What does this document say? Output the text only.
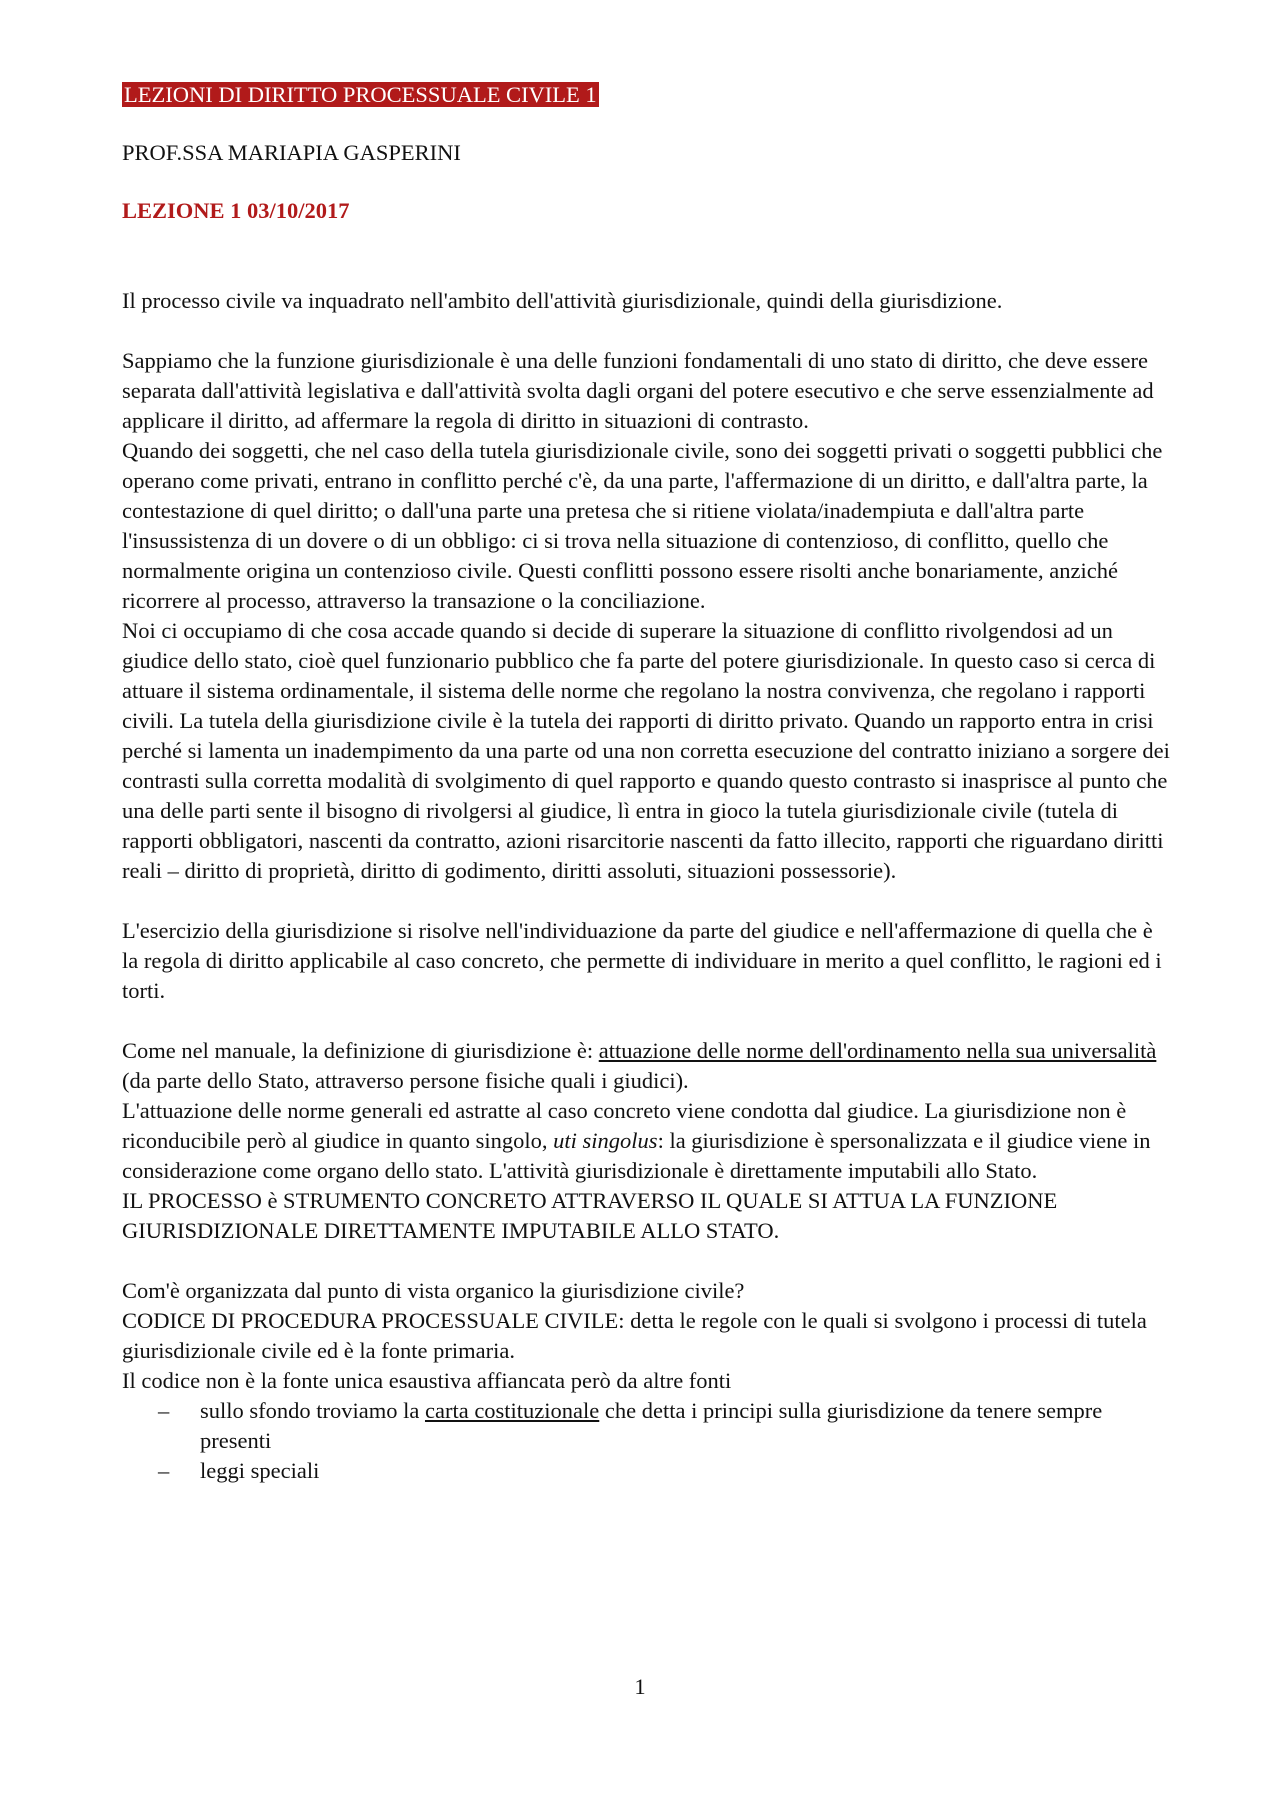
LEZIONI DI DIRITTO PROCESSUALE CIVILE 1

PROF.SSA MARIAPIA GASPERINI

LEZIONE 1 03/10/2017

Il processo civile va inquadrato nell'ambito dell'attività giurisdizionale, quindi della giurisdizione.

Sappiamo che la funzione giurisdizionale è una delle funzioni fondamentali di uno stato di diritto, che deve essere separata dall'attività legislativa e dall'attività svolta dagli organi del potere esecutivo e che serve essenzialmente ad applicare il diritto, ad affermare la regola di diritto in situazioni di contrasto.

Quando dei soggetti, che nel caso della tutela giurisdizionale civile, sono dei soggetti privati o soggetti pubblici che operano come privati, entrano in conflitto perché c'è, da una parte, l'affermazione di un diritto, e dall'altra parte, la contestazione di quel diritto; o dall'una parte una pretesa che si ritiene violata/inadempiuta e dall'altra parte l'insussistenza di un dovere o di un obbligo: ci si trova nella situazione di contenzioso, di conflitto, quello che normalmente origina un contenzioso civile. Questi conflitti possono essere risolti anche bonariamente, anziché ricorrere al processo, attraverso la transazione o la conciliazione.

Noi ci occupiamo di che cosa accade quando si decide di superare la situazione di conflitto rivolgendosi ad un giudice dello stato, cioè quel funzionario pubblico che fa parte del potere giurisdizionale. In questo caso si cerca di attuare il sistema ordinamentale, il sistema delle norme che regolano la nostra convivenza, che regolano i rapporti civili. La tutela della giurisdizione civile è la tutela dei rapporti di diritto privato. Quando un rapporto entra in crisi perché si lamenta un inadempimento da una parte od una non corretta esecuzione del contratto iniziano a sorgere dei contrasti sulla corretta modalità di svolgimento di quel rapporto e quando questo contrasto si inasprisce al punto che una delle parti sente il bisogno di rivolgersi al giudice, lì entra in gioco la tutela giurisdizionale civile (tutela di rapporti obbligatori, nascenti da contratto, azioni risarcitorie nascenti da fatto illecito, rapporti che riguardano diritti reali – diritto di proprietà, diritto di godimento, diritti assoluti, situazioni possessorie).

L'esercizio della giurisdizione si risolve nell'individuazione da parte del giudice e nell'affermazione di quella che è la regola di diritto applicabile al caso concreto, che permette di individuare in merito a quel conflitto, le ragioni ed i torti.

Come nel manuale, la definizione di giurisdizione è: attuazione delle norme dell'ordinamento nella sua universalità (da parte dello Stato, attraverso persone fisiche quali i giudici).

L'attuazione delle norme generali ed astratte al caso concreto viene condotta dal giudice. La giurisdizione non è riconducibile però al giudice in quanto singolo, uti singolus: la giurisdizione è spersonalizzata e il giudice viene in considerazione come organo dello stato. L'attività giurisdizionale è direttamente imputabili allo Stato.

IL PROCESSO è STRUMENTO CONCRETO ATTRAVERSO IL QUALE SI ATTUA LA FUNZIONE GIURISDIZIONALE DIRETTAMENTE IMPUTABILE ALLO STATO.

Com'è organizzata dal punto di vista organico la giurisdizione civile?

CODICE DI PROCEDURA PROCESSUALE CIVILE: detta le regole con le quali si svolgono i processi di tutela giurisdizionale civile ed è la fonte primaria.

Il codice non è la fonte unica esaustiva affiancata però da altre fonti

– sullo sfondo troviamo la carta costituzionale che detta i principi sulla giurisdizione da tenere sempre presenti
– leggi speciali
1
